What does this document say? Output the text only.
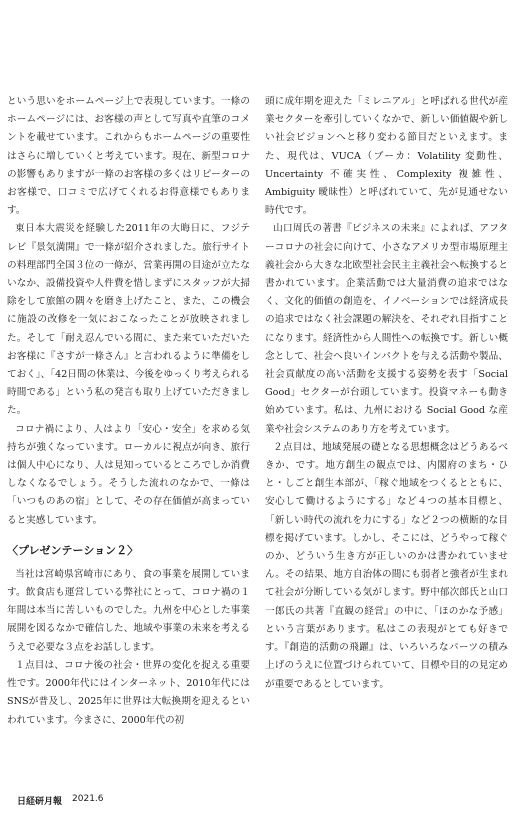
という思いをホームページ上で表現しています。一條のホームページには、お客様の声として写真や直筆のコメントを載せています。これからもホームページの重要性はさらに増していくと考えています。現在、新型コロナの影響もありますが一條のお客様の多くはリピーターのお客様で、口コミで広げてくれるお得意様でもあります。

東日本大震災を経験した2011年の大晦日に、フジテレビ『景気満開』で一條が紹介されました。旅行サイトの料理部門全国３位の一條が、営業再開の目途が立たないなか、設備投資や人件費を惜しまずにスタッフが大掃除をして旅館の隅々を磨き上げたこと、また、この機会に施設の改修を一気におこなったことが放映されました。そして「耐え忍んでいる間に、また来ていただいたお客様に『さすが一條さん』と言われるように準備をしておく」、「42日間の休業は、今後をゆっくり考えられる時間である」という私の発言も取り上げていただきました。

コロナ禍により、人はより「安心・安全」を求める気持ちが強くなっています。ローカルに視点が向き、旅行は個人中心になり、人は見知っているところでしか消費しなくなるでしょう。そうした流れのなかで、一條は「いつものあの宿」として、その存在価値が高まっていると実感しています。

〈プレゼンテーション２〉

当社は宮崎県宮崎市にあり、食の事業を展開しています。飲食店も運営している弊社にとって、コロナ禍の１年間は本当に苦しいものでした。九州を中心とした事業展開を図るなかで確信した、地域や事業の未来を考えるうえで必要な３点をお話しします。

１点目は、コロナ後の社会・世界の変化を捉える重要性です。2000年代にはインターネット、2010年代にはSNSが普及し、2025年に世界は大転換期を迎えるといわれています。今まさに、2000年代の初

頭に成年期を迎えた「ミレニアル」と呼ばれる世代が産業セクターを牽引していくなかで、新しい価値観や新しい社会ビジョンへと移り変わる節目だといえます。また、現代は、VUCA（ブーカ：Volatility 変動性、Uncertainty 不確実性、Complexity 複雑性、Ambiguity 曖昧性）と呼ばれていて、先が見通せない時代です。

山口周氏の著書『ビジネスの未来』によれば、アフターコロナの社会に向けて、小さなアメリカ型市場原理主義社会から大きな北欧型社会民主主義社会へ転換すると書かれています。企業活動では大量消費の追求ではなく、文化的価値の創造を、イノベーションでは経済成長の追求ではなく社会課題の解決を、それぞれ目指すことになります。経済性から人間性への転換です。新しい概念として、社会へ良いインパクトを与える活動や製品、社会貢献度の高い活動を支援する姿勢を表す「Social Good」セクターが台頭しています。投資マネーも動き始めています。私は、九州における Social Good な産業や社会システムのあり方を考えています。

２点目は、地域発展の礎となる思想概念はどうあるべきか、です。地方創生の観点では、内閣府のまち・ひと・しごと創生本部が、「稼ぐ地域をつくるとともに、安心して働けるようにする」など４つの基本目標と、「新しい時代の流れを力にする」など２つの横断的な目標を掲げています。しかし、そこには、どうやって稼ぐのか、どういう生き方が正しいのかは書かれていません。その結果、地方自治体の間にも弱者と強者が生まれて社会が分断している気がします。野中郁次郎氏と山口一郎氏の共著『直観の経営』の中に、「ほのかな予感」という言葉があります。私はこの表現がとても好きです。『創造的活動の飛躍』は、いろいろなパーツの積み上げのうえに位置づけられていて、目標や目的の見定めが重要であるとしています。

日経研月報 2021.6
